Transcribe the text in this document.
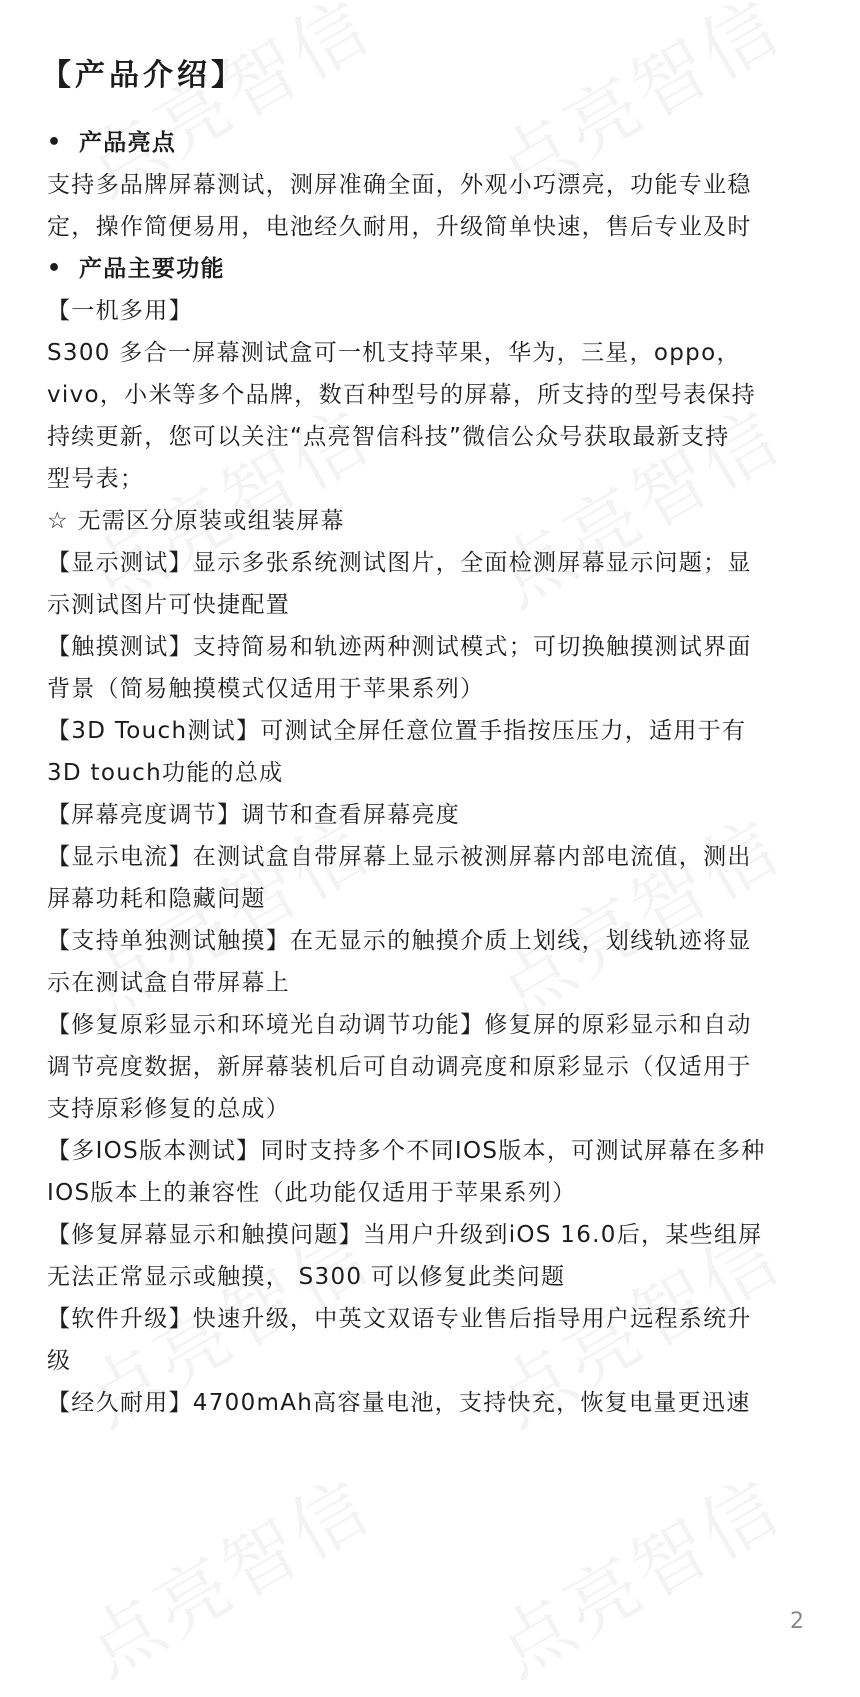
【产品介绍】
• 产品亮点
支持多品牌屏幕测试，测屏准确全面，外观小巧漂亮，功能专业稳
定，操作简便易用，电池经久耐用，升级简单快速，售后专业及时
• 产品主要功能
【一机多用】
S300 多合一屏幕测试盒可一机支持苹果，华为，三星，oppo，
vivo，小米等多个品牌，数百种型号的屏幕，所支持的型号表保持
持续更新，您可以关注“点亮智信科技”微信公众号获取最新支持
型号表；
☆ 无需区分原装或组装屏幕
【显示测试】显示多张系统测试图片，全面检测屏幕显示问题；显
示测试图片可快捷配置
【触摸测试】支持简易和轨迹两种测试模式；可切换触摸测试界面
背景（简易触摸模式仅适用于苹果系列）
【3D Touch测试】可测试全屏任意位置手指按压压力，适用于有
3D touch功能的总成
【屏幕亮度调节】调节和查看屏幕亮度
【显示电流】在测试盒自带屏幕上显示被测屏幕内部电流值，测出
屏幕功耗和隐藏问题
【支持单独测试触摸】在无显示的触摸介质上划线，划线轨迹将显
示在测试盒自带屏幕上
【修复原彩显示和环境光自动调节功能】修复屏的原彩显示和自动
调节亮度数据，新屏幕装机后可自动调亮度和原彩显示（仅适用于
支持原彩修复的总成）
【多IOS版本测试】同时支持多个不同IOS版本，可测试屏幕在多种
IOS版本上的兼容性（此功能仅适用于苹果系列）
【修复屏幕显示和触摸问题】当用户升级到iOS 16.0后，某些组屏
无法正常显示或触摸， S300 可以修复此类问题
【软件升级】快速升级，中英文双语专业售后指导用户远程系统升
级
【经久耐用】4700mAh高容量电池，支持快充，恢复电量更迅速
2
